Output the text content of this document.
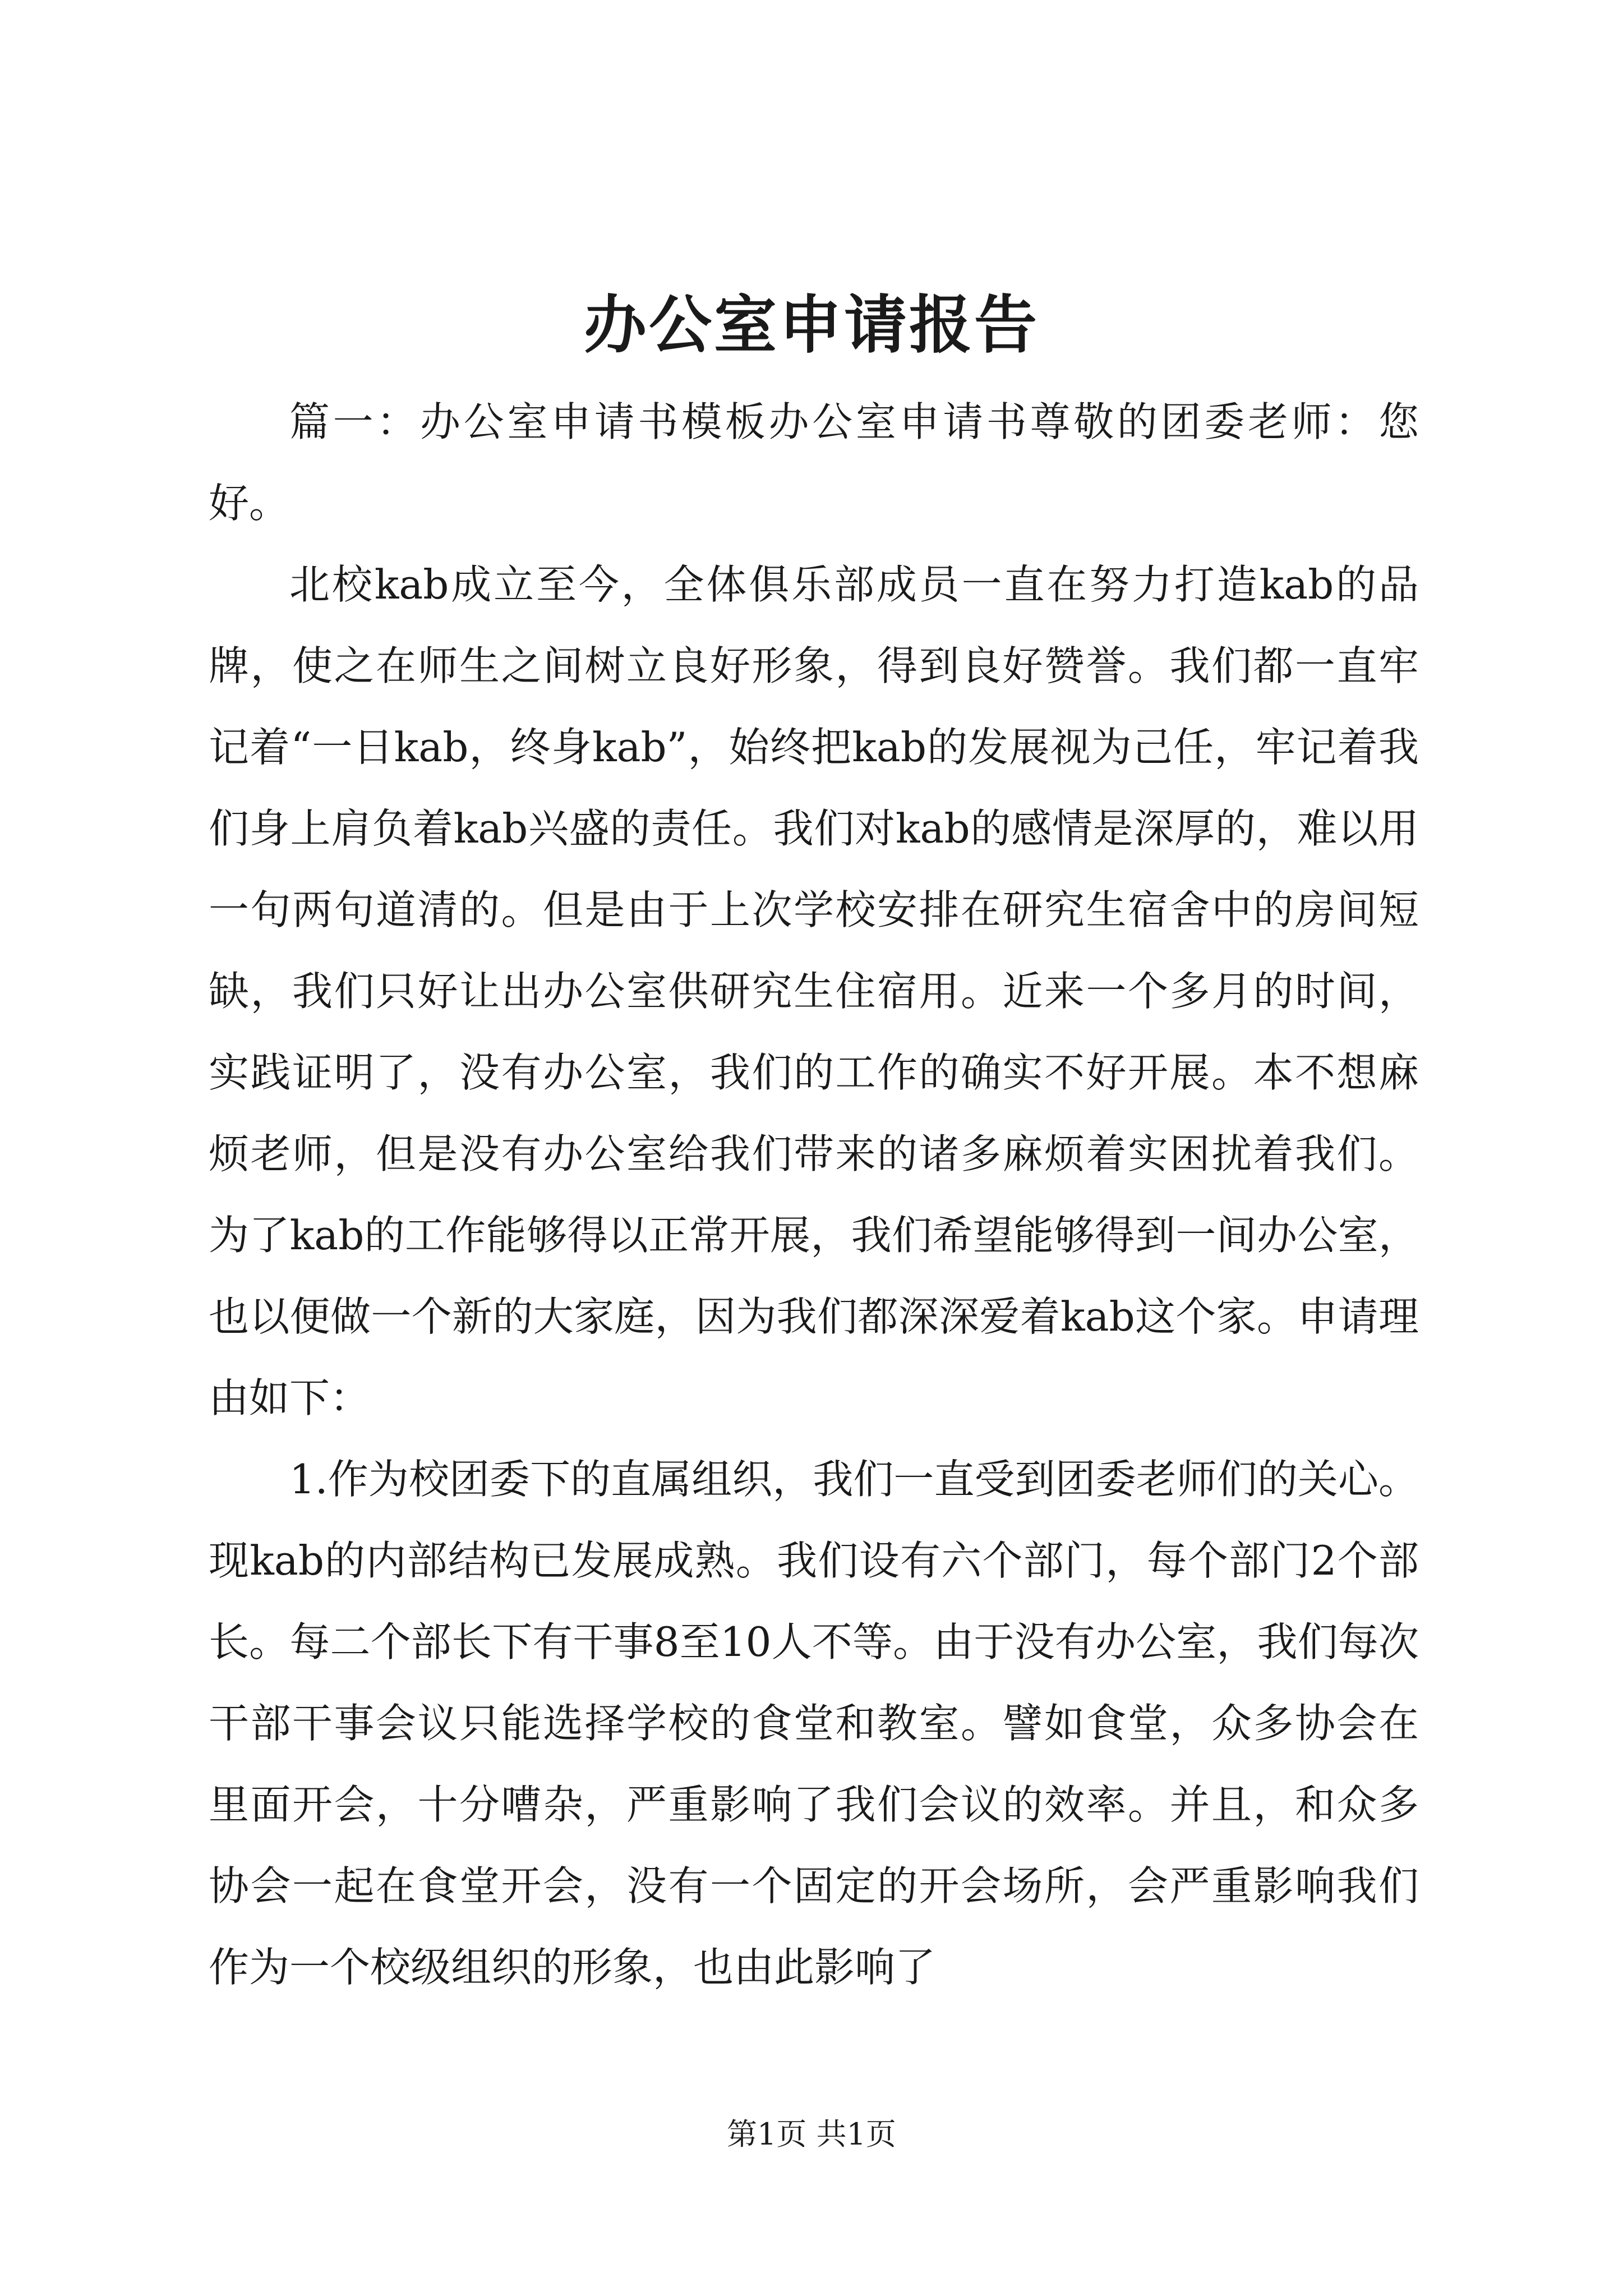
办公室申请报告

篇一：办公室申请书模板办公室申请书尊敬的团委老师：您好。

北校kab成立至今，全体俱乐部成员一直在努力打造kab的品牌，使之在师生之间树立良好形象，得到良好赞誉。我们都一直牢记着“一日kab，终身kab”，始终把kab的发展视为己任，牢记着我们身上肩负着kab兴盛的责任。我们对kab的感情是深厚的，难以用一句两句道清的。但是由于上次学校安排在研究生宿舍中的房间短缺，我们只好让出办公室供研究生住宿用。近来一个多月的时间，实践证明了，没有办公室，我们的工作的确实不好开展。本不想麻烦老师，但是没有办公室给我们带来的诸多麻烦着实困扰着我们。为了kab的工作能够得以正常开展，我们希望能够得到一间办公室，也以便做一个新的大家庭，因为我们都深深爱着kab这个家。申请理由如下：

1.作为校团委下的直属组织，我们一直受到团委老师们的关心。现kab的内部结构已发展成熟。我们设有六个部门，每个部门2个部长。每二个部长下有干事8至10人不等。由于没有办公室，我们每次干部干事会议只能选择学校的食堂和教室。譬如食堂，众多协会在里面开会，十分嘈杂，严重影响了我们会议的效率。并且，和众多协会一起在食堂开会，没有一个固定的开会场所，会严重影响我们作为一个校级组织的形象，也由此影响了

第1页 共1页
